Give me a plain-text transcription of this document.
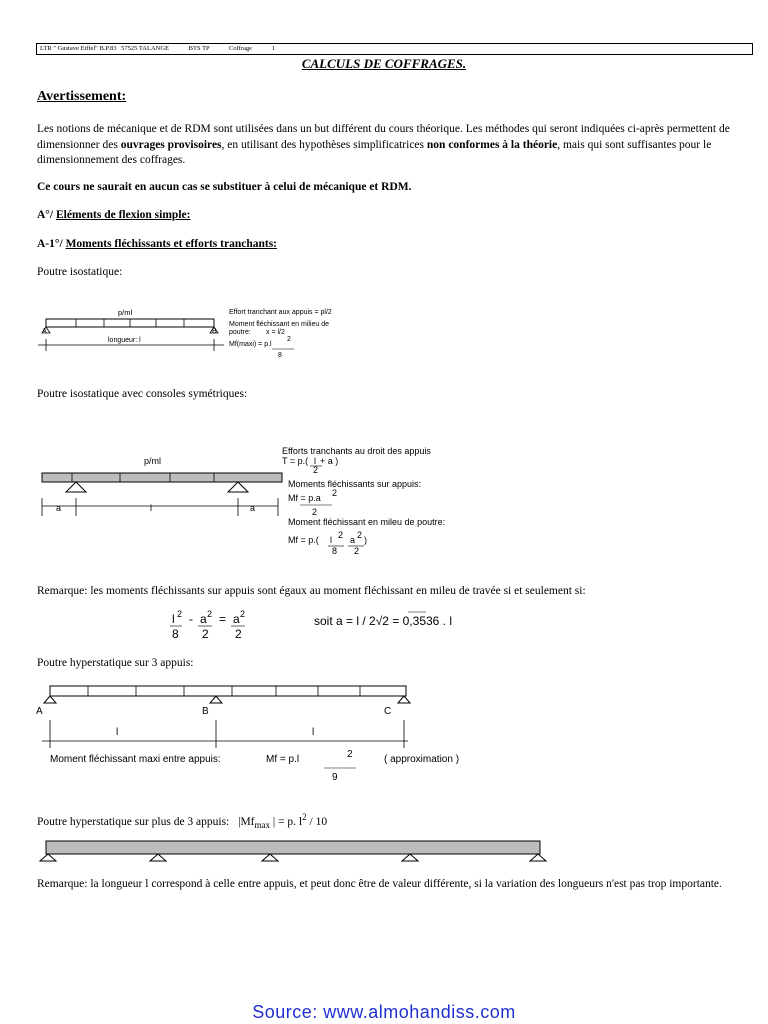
LTR " Gustave Eiffel" B.P.83 57525 TALANGE	BTS TP	Coffrage	1
CALCULS DE COFFRAGES.
Avertissement:
Les notions de mécanique et de RDM sont utilisées dans un but différent du cours théorique. Les méthodes qui seront indiquées ci-après permettent de dimensionner des ouvrages provisoires, en utilisant des hypothèses simplificatrices non conformes à la théorie, mais qui sont suffisantes pour le dimensionnement des coffrages.
Ce cours ne saurait en aucun cas se substituer à celui de mécanique et RDM.
A°/ Eléments de flexion simple:
A-1°/ Moments fléchissants et efforts tranchants:
Poutre isostatique:
p/ml
A	B
longueur: l
Effort tranchant aux appuis = pl/2
Moment fléchissant en milieu de
poutre: x = l/2
Mf(maxi) = p.l
2
8
Poutre isostatique avec consoles symétriques:
p/ml
a	l	a
Efforts tranchants au droit des appuis
T = p.( l + a )
2
Moments fléchissants sur appuis:
Mf = p.a 2
2
Moment fléchissant en mileu de poutre:
Mf = p.( l 2 a 2 )
8 2
Remarque: les moments fléchissants sur appuis sont égaux au moment fléchissant en mileu de travée si et seulement si:
l 2 - a 2 = a 2
8 2 2
soit a = l / 2√2 = 0,3536 . l
Poutre hyperstatique sur 3 appuis:
A	B	C
l	l
Moment fléchissant maxi entre appuis:	Mf = p.l	2
9
( approximation )
Poutre hyperstatique sur plus de 3 appuis: $|Mf_{max}$ | = p. $l^2 / 10$
Remarque: la longueur l correspond à celle entre appuis, et peut donc être de valeur différente, si la variation des longueurs n'est pas trop importante.
Source: www.almohandiss.com
